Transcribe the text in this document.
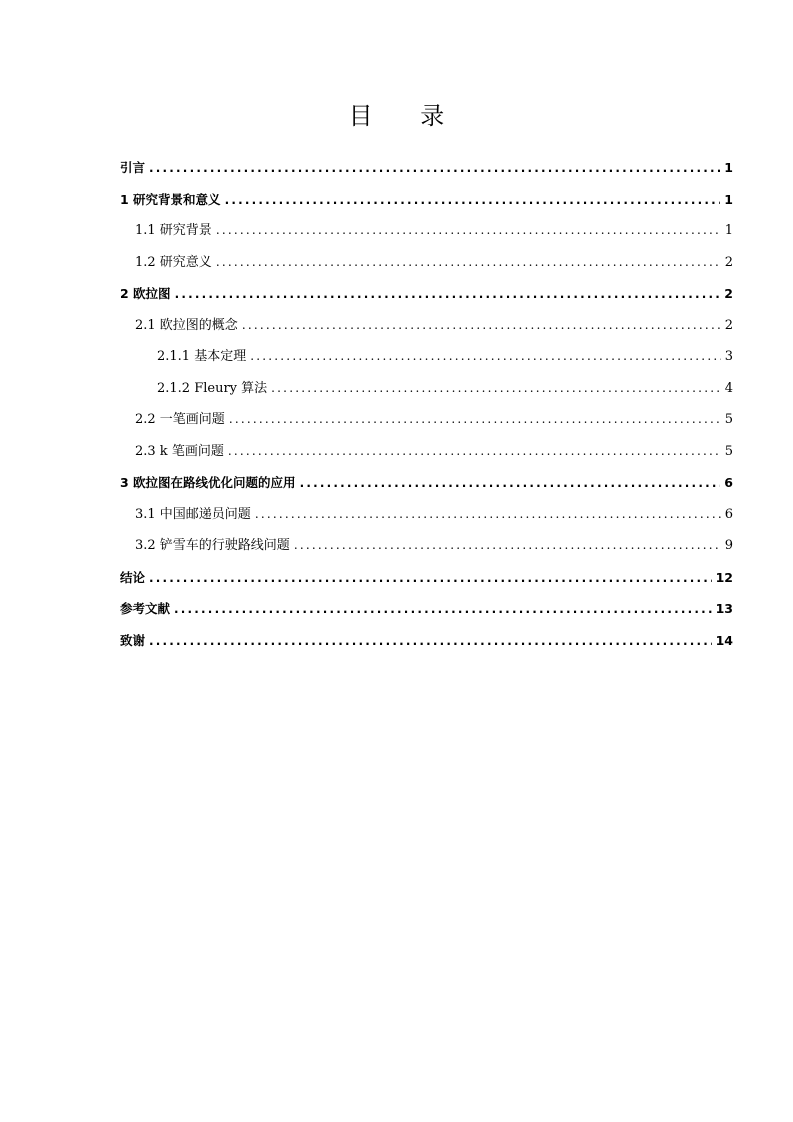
目 录
引言 .....	1
1 研究背景和意义 .....	1
1.1 研究背景 .....	1
1.2 研究意义 .....	2
2 欧拉图 .....	2
2.1 欧拉图的概念 .....	2
2.1.1 基本定理 .....	3
2.1.2 Fleury 算法 .....	4
2.2 一笔画问题 .....	5
2.3 k 笔画问题 .....	5
3 欧拉图在路线优化问题的应用 .....	6
3.1 中国邮递员问题 .....	6
3.2 铲雪车的行驶路线问题 .....	9
结论 .....	12
参考文献 .....	13
致谢 .....	14
